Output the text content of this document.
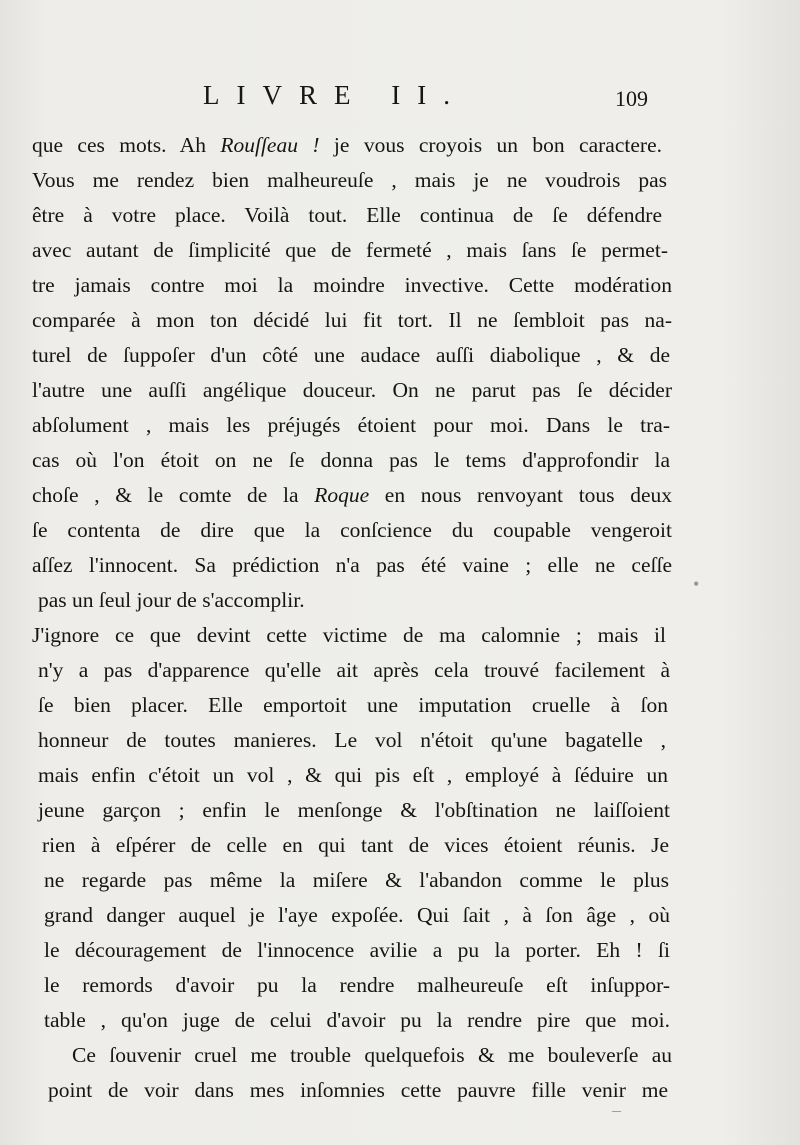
LIVRE II.	109
que ces mots. Ah Rouſſeau ! je vous croyois un bon caractere.
Vous me rendez bien malheureuſe , mais je ne voudrois pas
être à votre place. Voilà tout. Elle continua de ſe défendre
avec autant de ſimplicité que de fermeté , mais ſans ſe permet-
tre jamais contre moi la moindre invective. Cette modération
comparée à mon ton décidé lui fit tort. Il ne ſembloit pas na-
turel de ſuppoſer d'un côté une audace auſſi diabolique , & de
l'autre une auſſi angélique douceur. On ne parut pas ſe décider
abſolument , mais les préjugés étoient pour moi. Dans le tra-
cas où l'on étoit on ne ſe donna pas le tems d'approfondir la
choſe , & le comte de la Roque en nous renvoyant tous deux
ſe contenta de dire que la conſcience du coupable vengeroit
aſſez l'innocent. Sa prédiction n'a pas été vaine ; elle ne ceſſe
pas un ſeul jour de s'accomplir.
J'ignore ce que devint cette victime de ma calomnie ; mais il
n'y a pas d'apparence qu'elle ait après cela trouvé facilement à
ſe bien placer. Elle emportoit une imputation cruelle à ſon
honneur de toutes manieres. Le vol n'étoit qu'une bagatelle ,
mais enfin c'étoit un vol , & qui pis eſt , employé à ſéduire un
jeune garçon ; enfin le menſonge & l'obſtination ne laiſſoient
rien à eſpérer de celle en qui tant de vices étoient réunis. Je
ne regarde pas même la miſere & l'abandon comme le plus
grand danger auquel je l'aye expoſée. Qui ſait , à ſon âge , où
le découragement de l'innocence avilie a pu la porter. Eh ! ſi
le remords d'avoir pu la rendre malheureuſe eſt inſuppor-
table , qu'on juge de celui d'avoir pu la rendre pire que moi.
Ce ſouvenir cruel me trouble quelquefois & me bouleverſe au
point de voir dans mes inſomnies cette pauvre fille venir me
•
–
